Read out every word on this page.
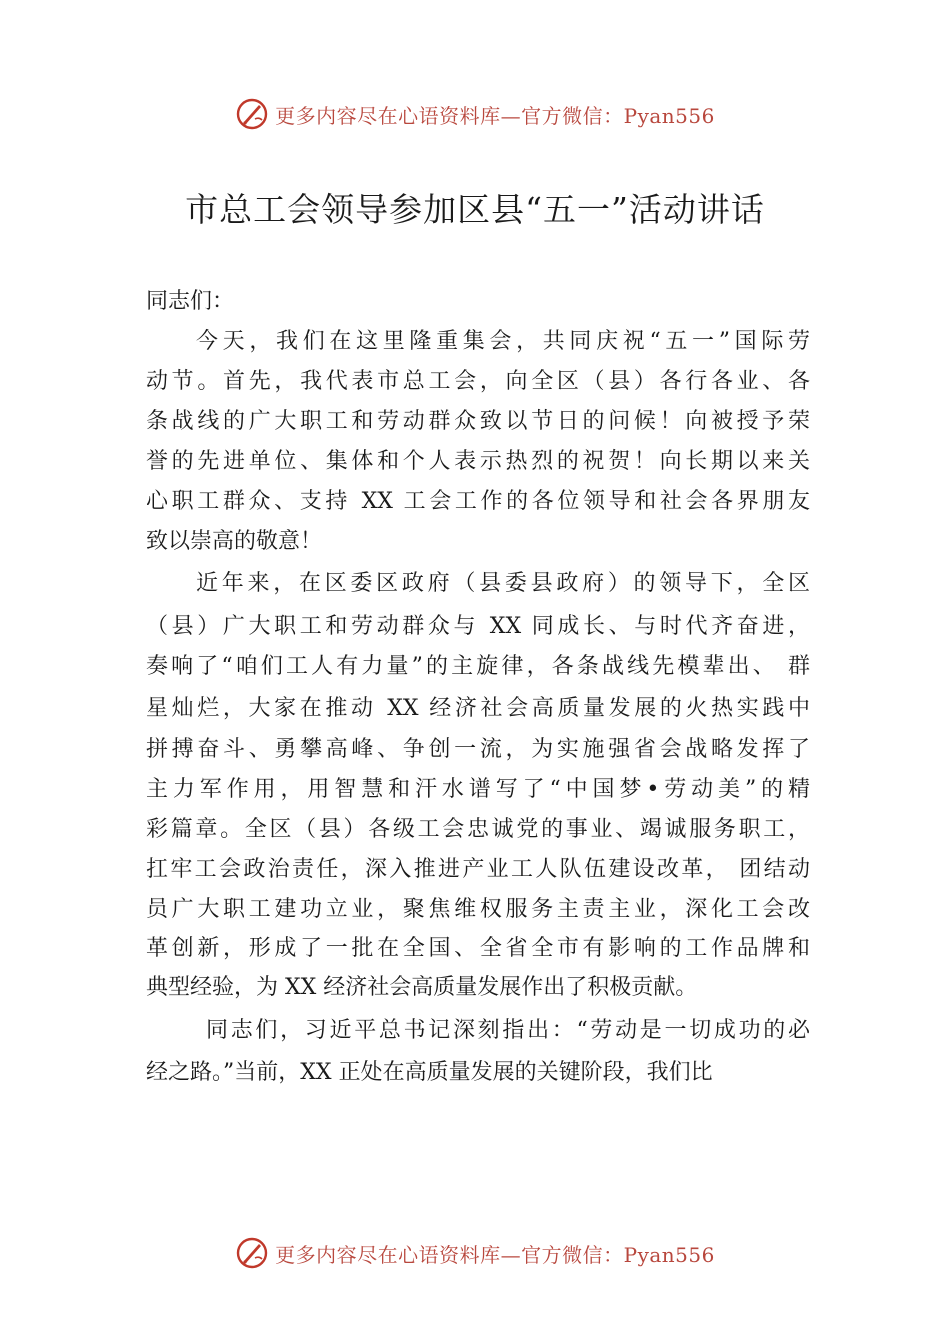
更多内容尽在心语资料库—官方微信：Pyan556
市总工会领导参加区县“五一”活动讲话
同志们：
今天，我们在这里隆重集会，共同庆祝“五一”国际劳
动节。首先，我代表市总工会，向全区（县）各行各业、各
条战线的广大职工和劳动群众致以节日的问候！向被授予荣
誉的先进单位、集体和个人表示热烈的祝贺！向长期以来关
心职工群众、支持 XX 工会工作的各位领导和社会各界朋友
致以崇高的敬意！
近年来，在区委区政府（县委县政府）的领导下，全区
（县）广大职工和劳动群众与 XX 同成长、与时代齐奋进，
奏响了“咱们工人有力量”的主旋律，各条战线先模辈出、 群
星灿烂，大家在推动 XX 经济社会高质量发展的火热实践中
拼搏奋斗、勇攀高峰、争创一流，为实施强省会战略发挥了
主力军作用，用智慧和汗水谱写了“中国梦•劳动美”的精
彩篇章。全区（县）各级工会忠诚党的事业、竭诚服务职工，
扛牢工会政治责任，深入推进产业工人队伍建设改革， 团结动
员广大职工建功立业，聚焦维权服务主责主业，深化工会改
革创新，形成了一批在全国、全省全市有影响的工作品牌和
典型经验，为 XX 经济社会高质量发展作出了积极贡献。
同志们，习近平总书记深刻指出：“劳动是一切成功的必
经之路。”当前，XX 正处在高质量发展的关键阶段，我们比
更多内容尽在心语资料库—官方微信：Pyan556
